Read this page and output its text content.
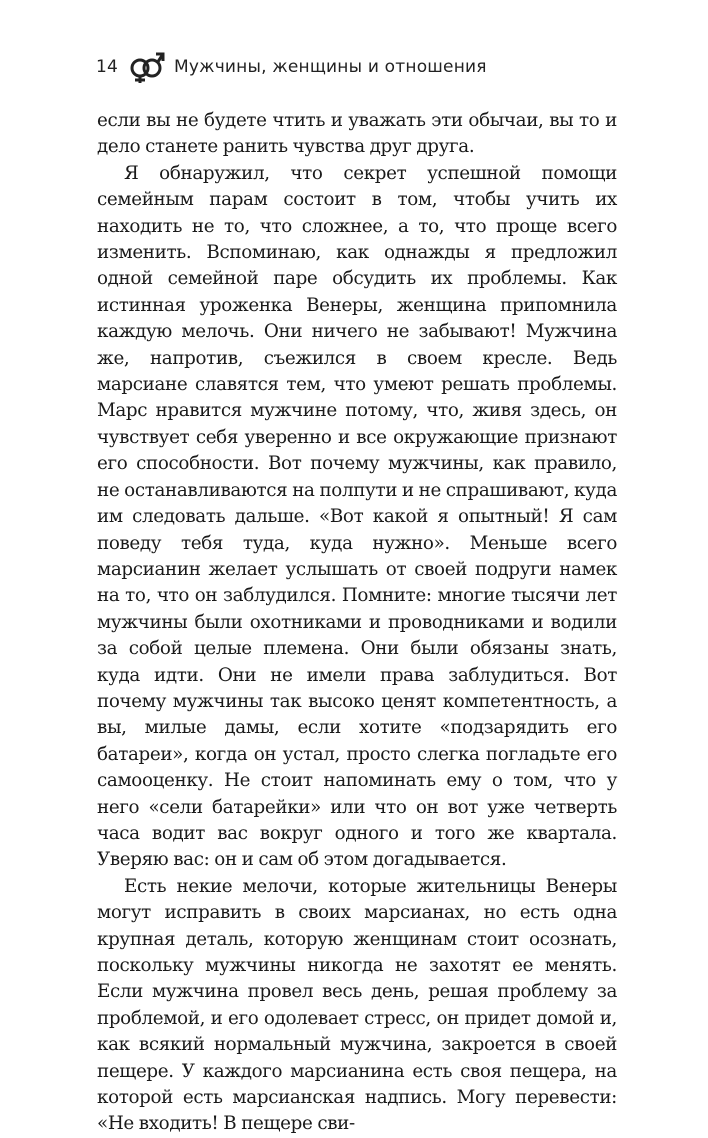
14	Мужчины, женщины и отношения

если вы не будете чтить и уважать эти обычаи, вы то и дело станете ранить чувства друг друга.

Я обнаружил, что секрет успешной помощи семейным парам состоит в том, чтобы учить их находить не то, что сложнее, а то, что проще всего изменить. Вспоминаю, как однажды я предложил одной семейной паре обсудить их проблемы. Как истинная уроженка Венеры, женщина припомнила каждую мелочь. Они ничего не забывают! Мужчина же, напротив, съежился в своем кресле. Ведь марсиане славятся тем, что умеют решать проблемы. Марс нравится мужчине потому, что, живя здесь, он чувствует себя уверенно и все окружающие признают его способности. Вот почему мужчины, как правило, не останавливаются на полпути и не спрашивают, куда им следовать дальше. «Вот какой я опытный! Я сам поведу тебя туда, куда нужно». Меньше всего марсианин желает услышать от своей подруги намек на то, что он заблудился. Помните: многие тысячи лет мужчины были охотниками и проводниками и водили за собой целые племена. Они были обязаны знать, куда идти. Они не имели права заблудиться. Вот почему мужчины так высоко ценят компетентность, а вы, милые дамы, если хотите «подзарядить его батареи», когда он устал, просто слегка погладьте его самооценку. Не стоит напоминать ему о том, что у него «сели батарейки» или что он вот уже четверть часа водит вас вокруг одного и того же квартала. Уверяю вас: он и сам об этом догадывается.

Есть некие мелочи, которые жительницы Венеры могут исправить в своих марсианах, но есть одна крупная деталь, которую женщинам стоит осознать, поскольку мужчины никогда не захотят ее менять. Если мужчина провел весь день, решая проблему за проблемой, и его одолевает стресс, он придет домой и, как всякий нормальный мужчина, закроется в своей пещере. У каждого марсианина есть своя пещера, на которой есть марсианская надпись. Могу перевести: «Не входить! В пещере сви-
